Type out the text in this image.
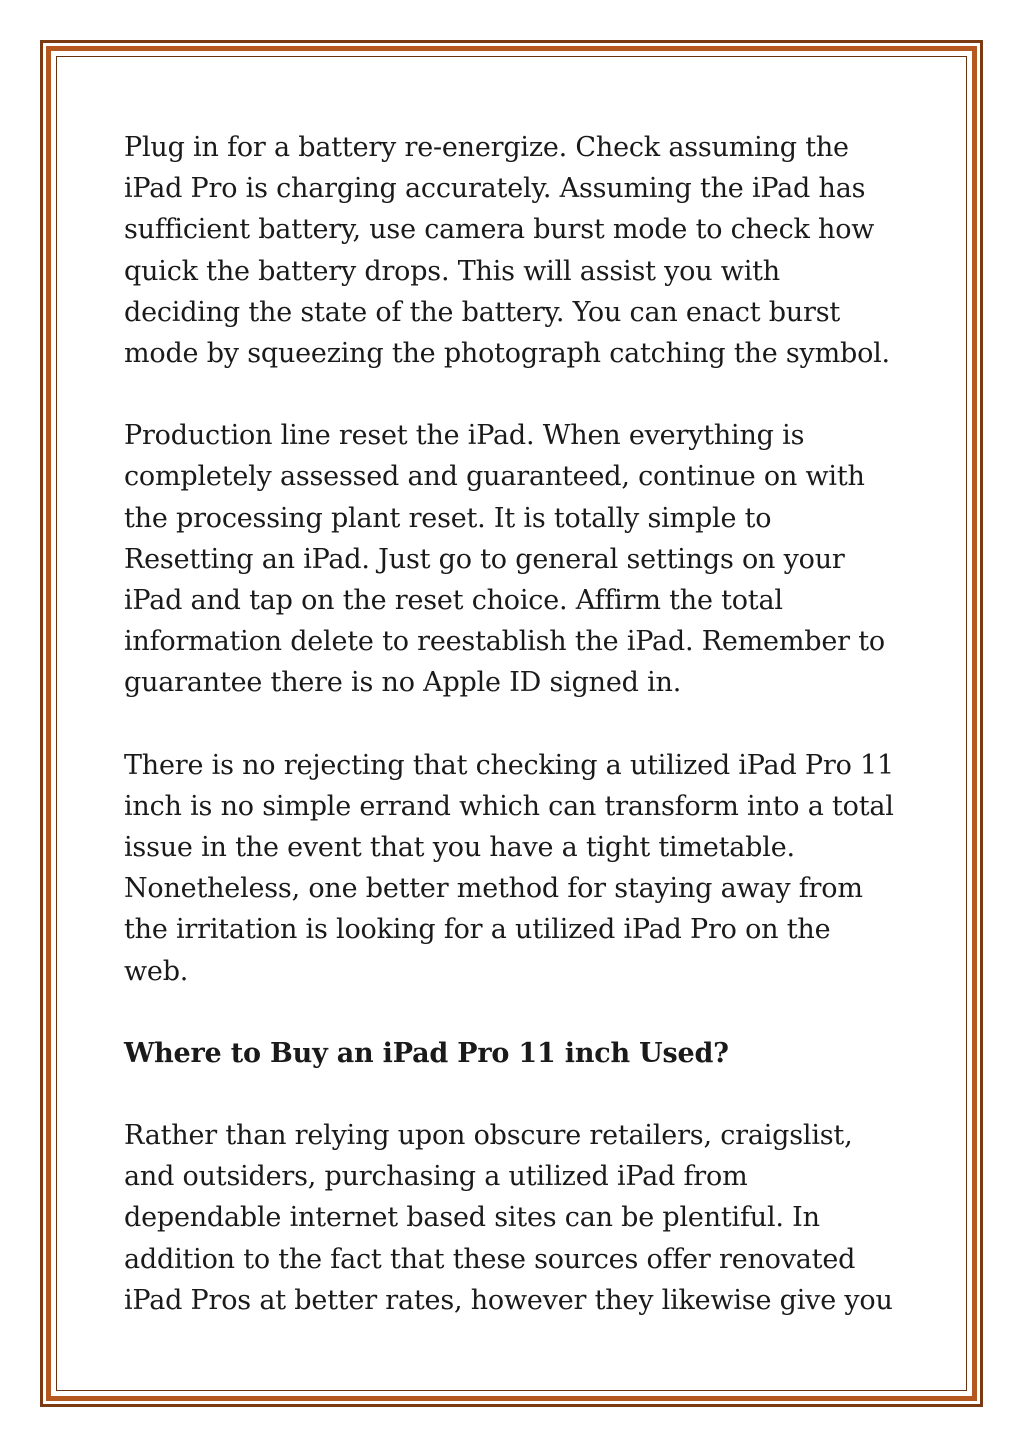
Plug in for a battery re-energize. Check assuming the
iPad Pro is charging accurately. Assuming the iPad has
sufficient battery, use camera burst mode to check how
quick the battery drops. This will assist you with
deciding the state of the battery. You can enact burst
mode by squeezing the photograph catching the symbol.
Production line reset the iPad. When everything is
completely assessed and guaranteed, continue on with
the processing plant reset. It is totally simple to
Resetting an iPad. Just go to general settings on your
iPad and tap on the reset choice. Affirm the total
information delete to reestablish the iPad. Remember to
guarantee there is no Apple ID signed in.
There is no rejecting that checking a utilized iPad Pro 11
inch is no simple errand which can transform into a total
issue in the event that you have a tight timetable.
Nonetheless, one better method for staying away from
the irritation is looking for a utilized iPad Pro on the
web.
Where to Buy an iPad Pro 11 inch Used?
Rather than relying upon obscure retailers, craigslist,
and outsiders, purchasing a utilized iPad from
dependable internet based sites can be plentiful. In
addition to the fact that these sources offer renovated
iPad Pros at better rates, however they likewise give you
